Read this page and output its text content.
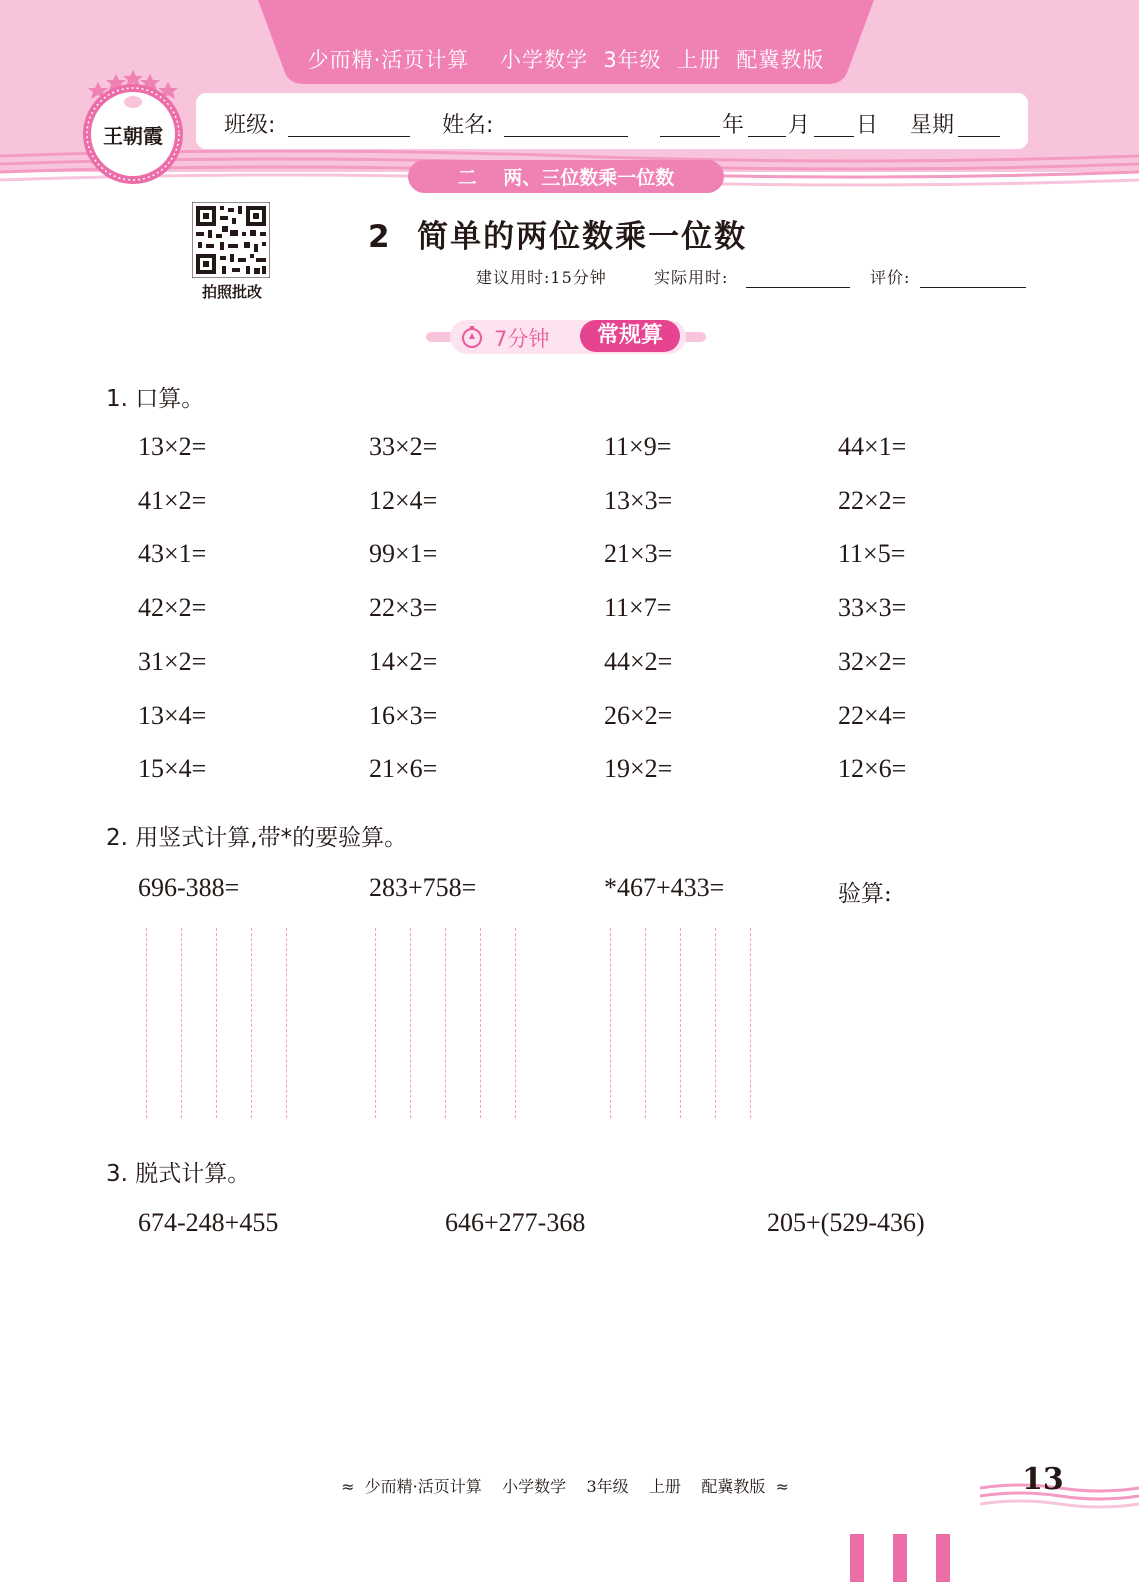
少而精·活页计算    小学数学  3年级  上册  配冀教版
班级:	姓名:	年 月 日 星期
二    两、三位数乘一位数
王朝霞
拍照批改
2  简单的两位数乘一位数
建议用时:15分钟	实际用时:	评价:
7分钟	常规算
1. 口算。
13×2=	33×2=	11×9=	44×1=
41×2=	12×4=	13×3=	22×2=
43×1=	99×1=	21×3=	11×5=
42×2=	22×3=	11×7=	33×3=
31×2=	14×2=	44×2=	32×2=
13×4=	16×3=	26×2=	22×4=
15×4=	21×6=	19×2=	12×6=
2. 用竖式计算,带*的要验算。
696-388=	283+758=	*467+433=	验算:
3. 脱式计算。
674-248+455	646+277-368	205+(529-436)
≈  少而精·活页计算    小学数学    3年级    上册    配冀教版  ≈	13
